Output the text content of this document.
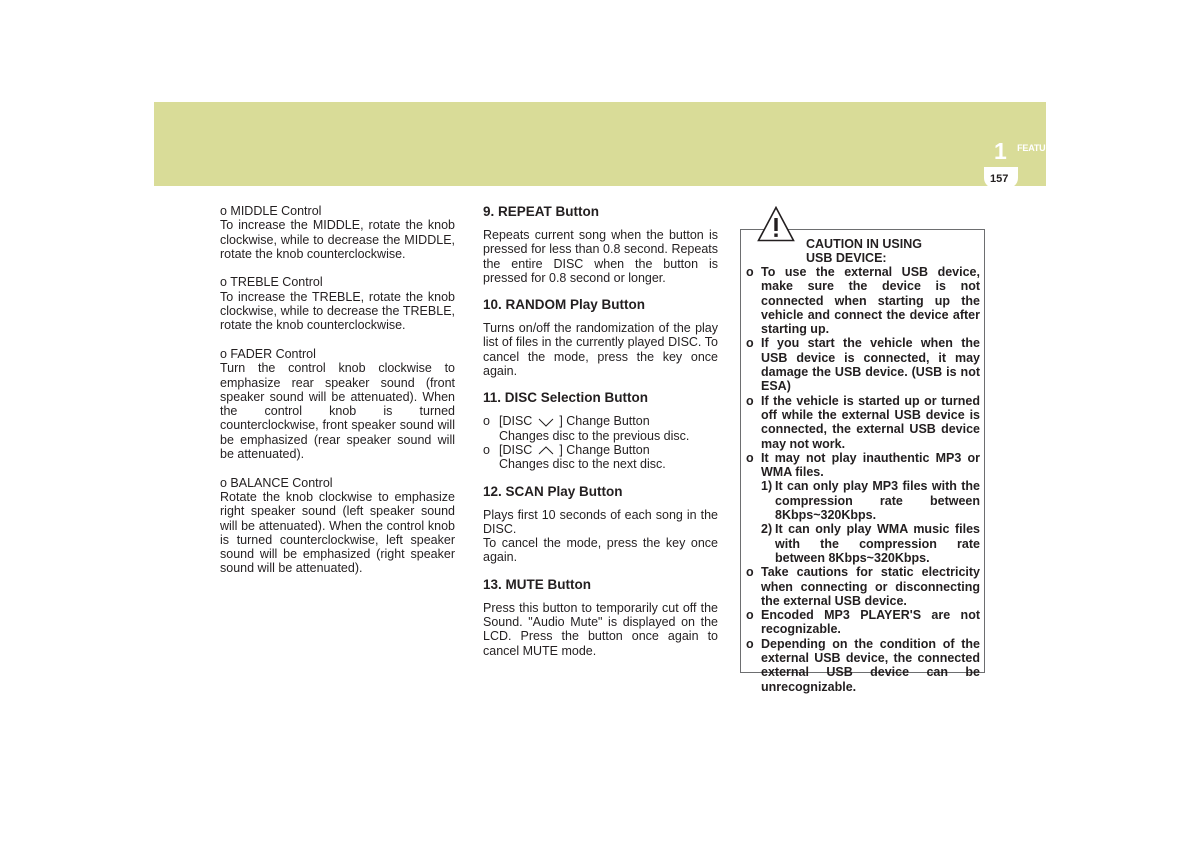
FEATURES OF YOUR HYUNDAI
1
157
o MIDDLE Control
To increase the MIDDLE, rotate the knob clockwise, while to decrease the MIDDLE, rotate the knob counterclockwise.
o TREBLE Control
To increase the TREBLE, rotate the knob clockwise, while to decrease the TREBLE, rotate the knob counterclockwise.
o FADER Control
Turn the control knob clockwise to emphasize rear speaker sound (front speaker sound will be attenuated). When the control knob is turned counterclockwise, front speaker sound will be emphasized (rear speaker sound will be attenuated).
o BALANCE Control
Rotate the knob clockwise to emphasize right speaker sound (left speaker sound will be attenuated). When the control knob is turned counterclockwise, left speaker sound will be emphasized (right speaker sound will be attenuated).
9. REPEAT Button

Repeats current song when the button is pressed for less than 0.8 second. Repeats the entire DISC when the button is pressed for 0.8 second or longer.

10. RANDOM Play Button

Turns on/off the randomization of the play list of files in the currently played DISC. To cancel the mode, press the key once again.

11. DISC Selection Button
o [DISC ] Change Button
Changes disc to the previous disc.
o [DISC ] Change Button
Changes disc to the next disc.
12. SCAN Play Button

Plays first 10 seconds of each song in the DISC.

To cancel the mode, press the key once again.

13. MUTE Button

Press this button to temporarily cut off the Sound. "Audio Mute" is displayed on the LCD. Press the button once again to cancel MUTE mode.

CAUTION IN USING
USB DEVICE:
o To use the external USB device, make sure the device is not connected when starting up the vehicle and connect the device after starting up.
o If you start the vehicle when the USB device is connected, it may damage the USB device. (USB is not ESA)
o If the vehicle is started up or turned off while the external USB device is connected, the external USB device may not work.
o It may not play inauthentic MP3 or WMA files.
1) It can only play MP3 files with the compression rate between 8Kbps~320Kbps.
2) It can only play WMA music files with the compression rate between 8Kbps~320Kbps.
o Take cautions for static electricity when connecting or disconnecting the external USB device.
o Encoded MP3 PLAYER'S are not recognizable.
o Depending on the condition of the external USB device, the connected external USB device can be unrecognizable.
